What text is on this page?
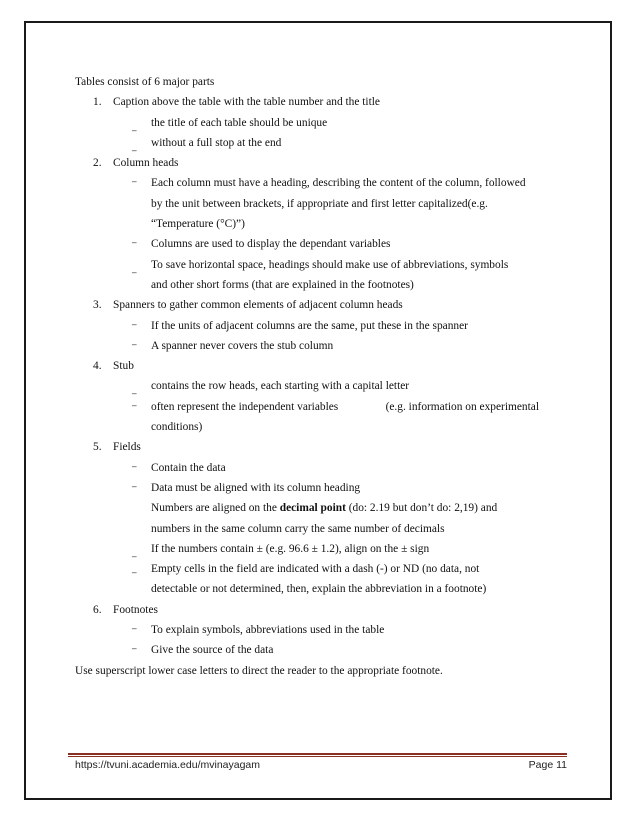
Tables consist of 6 major parts

1. Caption above the table with the table number and the title
_ the title of each table should be unique
_ without a full stop at the end
2. Column heads
_ Each column must have a heading, describing the content of the column, followed
by the unit between brackets, if appropriate and first letter capitalized(e.g.
“Temperature (°C)”)
_ Columns are used to display the dependant variables
_ To save horizontal space, headings should make use of abbreviations, symbols
and other short forms (that are explained in the footnotes)
3. Spanners to gather common elements of adjacent column heads
_ If the units of adjacent columns are the same, put these in the spanner
_ A spanner never covers the stub column
4. Stub
_ contains the row heads, each starting with a capital letter
_ often represent the independent variables	(e.g. information on experimental
conditions)
5. Fields
_ Contain the data
_ Data must be aligned with its column heading
Numbers are aligned on the decimal point (do: 2.19 but don’t do: 2,19) and
numbers in the same column carry the same number of decimals
_ If the numbers contain ± (e.g. 96.6 ± 1.2), align on the ± sign
_ Empty cells in the field are indicated with a dash (-) or ND (no data, not
detectable or not determined, then, explain the abbreviation in a footnote)
6. Footnotes
_ To explain symbols, abbreviations used in the table
_ Give the source of the data

Use superscript lower case letters to direct the reader to the appropriate footnote.

https://tvuni.academia.edu/mvinayagam	Page 11
